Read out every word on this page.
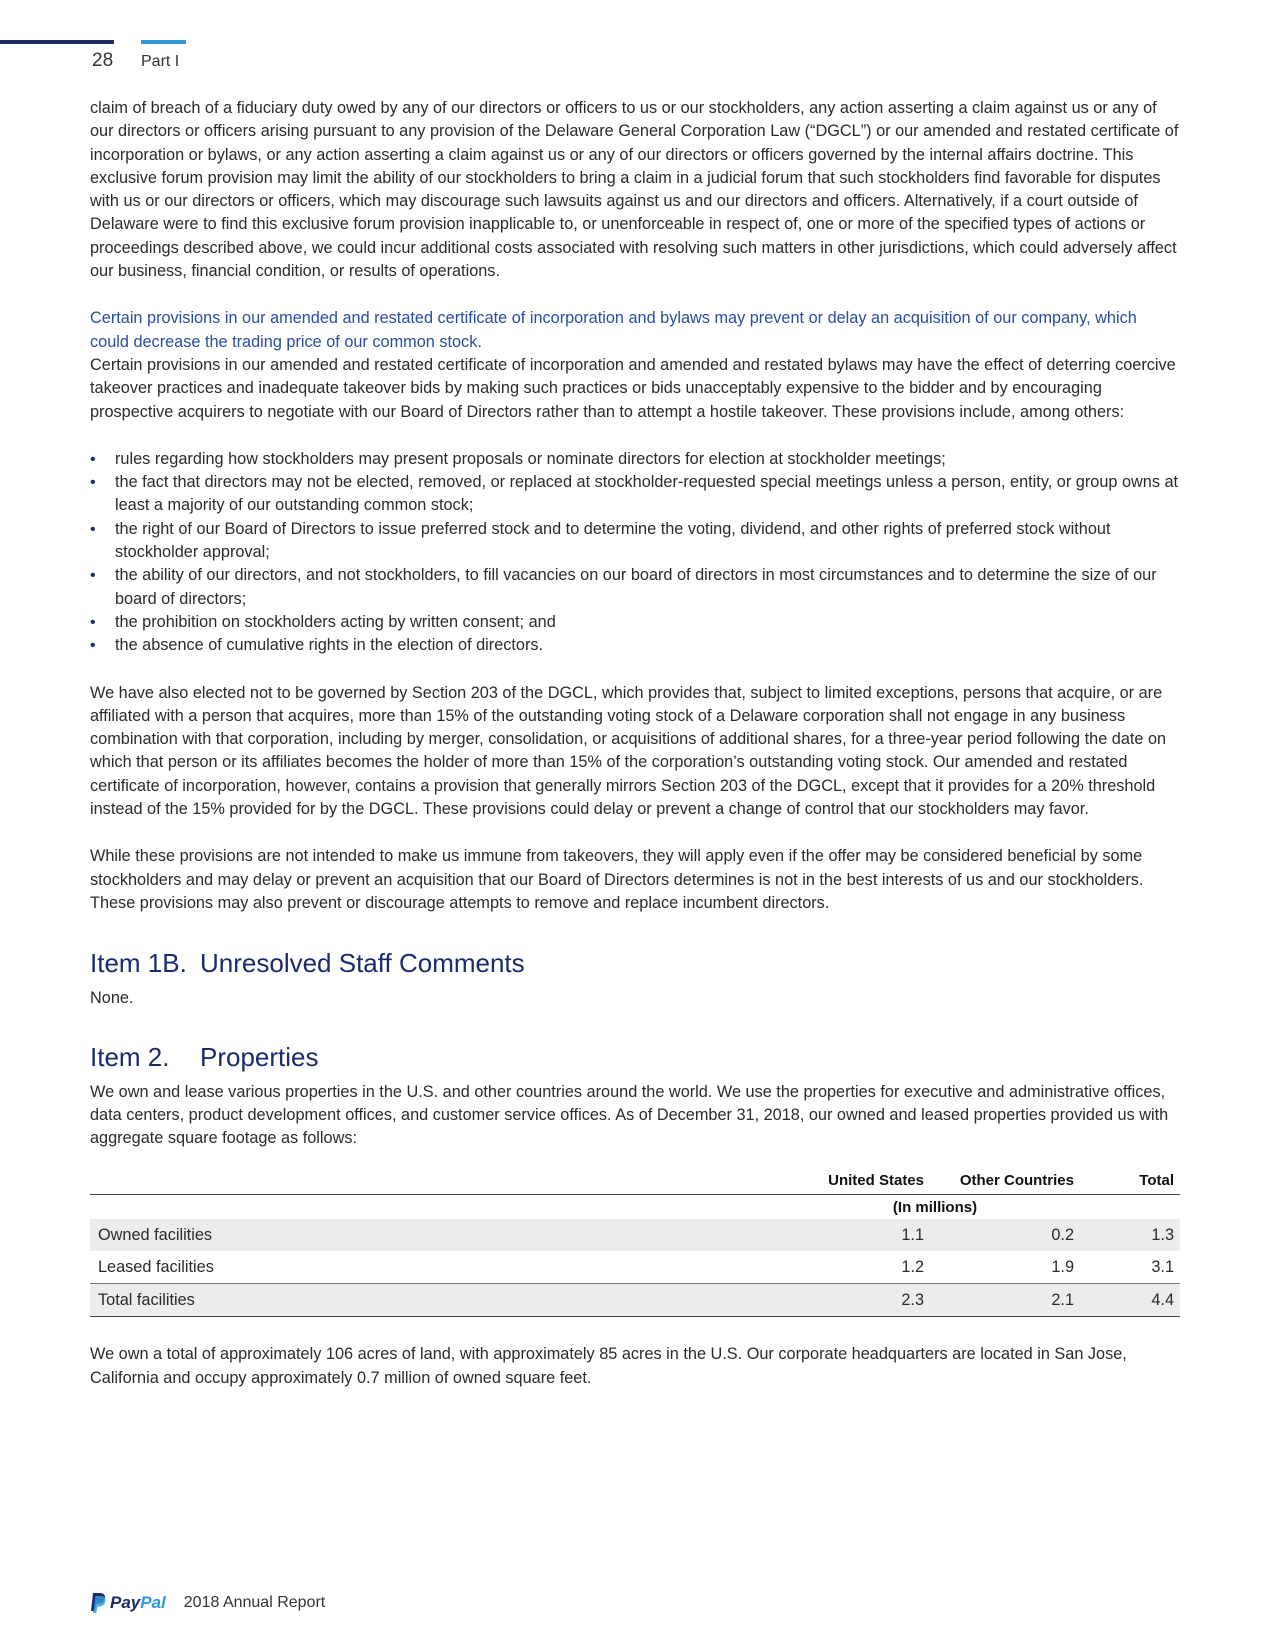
28 Part I

claim of breach of a fiduciary duty owed by any of our directors or officers to us or our stockholders, any action asserting a claim against us or any of our directors or officers arising pursuant to any provision of the Delaware General Corporation Law (“DGCL”) or our amended and restated certificate of incorporation or bylaws, or any action asserting a claim against us or any of our directors or officers governed by the internal affairs doctrine. This exclusive forum provision may limit the ability of our stockholders to bring a claim in a judicial forum that such stockholders find favorable for disputes with us or our directors or officers, which may discourage such lawsuits against us and our directors and officers. Alternatively, if a court outside of Delaware were to find this exclusive forum provision inapplicable to, or unenforceable in respect of, one or more of the specified types of actions or proceedings described above, we could incur additional costs associated with resolving such matters in other jurisdictions, which could adversely affect our business, financial condition, or results of operations.

Certain provisions in our amended and restated certificate of incorporation and bylaws may prevent or delay an acquisition of our company, which could decrease the trading price of our common stock.

Certain provisions in our amended and restated certificate of incorporation and amended and restated bylaws may have the effect of deterring coercive takeover practices and inadequate takeover bids by making such practices or bids unacceptably expensive to the bidder and by encouraging prospective acquirers to negotiate with our Board of Directors rather than to attempt a hostile takeover. These provisions include, among others:

• rules regarding how stockholders may present proposals or nominate directors for election at stockholder meetings;
• the fact that directors may not be elected, removed, or replaced at stockholder-requested special meetings unless a person, entity, or group owns at least a majority of our outstanding common stock;
• the right of our Board of Directors to issue preferred stock and to determine the voting, dividend, and other rights of preferred stock without stockholder approval;
• the ability of our directors, and not stockholders, to fill vacancies on our board of directors in most circumstances and to determine the size of our board of directors;
• the prohibition on stockholders acting by written consent; and
• the absence of cumulative rights in the election of directors.

We have also elected not to be governed by Section 203 of the DGCL, which provides that, subject to limited exceptions, persons that acquire, or are affiliated with a person that acquires, more than 15% of the outstanding voting stock of a Delaware corporation shall not engage in any business combination with that corporation, including by merger, consolidation, or acquisitions of additional shares, for a three-year period following the date on which that person or its affiliates becomes the holder of more than 15% of the corporation’s outstanding voting stock. Our amended and restated certificate of incorporation, however, contains a provision that generally mirrors Section 203 of the DGCL, except that it provides for a 20% threshold instead of the 15% provided for by the DGCL. These provisions could delay or prevent a change of control that our stockholders may favor.

While these provisions are not intended to make us immune from takeovers, they will apply even if the offer may be considered beneficial by some stockholders and may delay or prevent an acquisition that our Board of Directors determines is not in the best interests of us and our stockholders. These provisions may also prevent or discourage attempts to remove and replace incumbent directors.

Item 1B. Unresolved Staff Comments

None.

Item 2. Properties

We own and lease various properties in the U.S. and other countries around the world. We use the properties for executive and administrative offices, data centers, product development offices, and customer service offices. As of December 31, 2018, our owned and leased properties provided us with aggregate square footage as follows:

	United States	Other Countries	Total
	(In millions)		
Owned facilities	1.1	0.2	1.3
Leased facilities	1.2	1.9	3.1
Total facilities	2.3	2.1	4.4

We own a total of approximately 106 acres of land, with approximately 85 acres in the U.S. Our corporate headquarters are located in San Jose, California and occupy approximately 0.7 million of owned square feet.

PayPal 2018 Annual Report
